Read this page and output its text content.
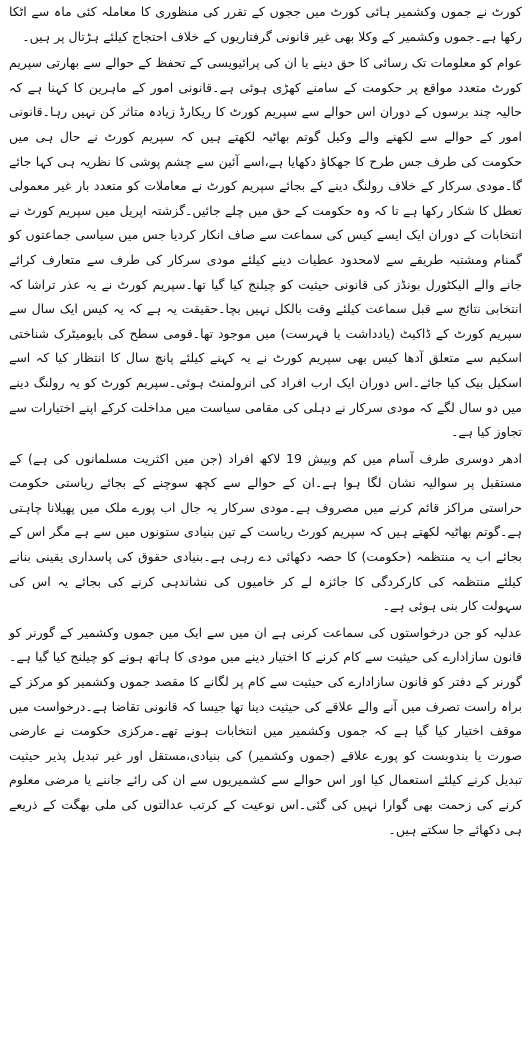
کورٹ نے جموں وکشمیر ہائی کورٹ میں ججوں کے تقرر کی منظوری کا معاملہ کئی ماہ سے اٹکا رکھا ہے۔جموں وکشمیر کے وکلا بھی غیر قانونی گرفتاریوں کے خلاف احتجاج کیلئے ہڑتال پر ہیں۔

عوام کو معلومات تک رسائی کا حق دینے یا ان کی پرائیویسی کے تحفظ کے حوالے سے بھارتی سپریم کورٹ متعدد مواقع پر حکومت کے سامنے کھڑی ہوئی ہے۔قانونی امور کے ماہرین کا کہنا ہے کہ حالیہ چند برسوں کے دوران اس حوالے سے سپریم کورٹ کا ریکارڈ زیادہ متاثر کن نہیں رہا۔قانونی امور کے حوالے سے لکھنے والے وکیل گوتم بھاٹیہ لکھتے ہیں کہ سپریم کورٹ نے حال ہی میں حکومت کی طرف جس طرح کا جھکاؤ دکھایا ہے،اسے آئین سے چشم پوشی کا نظریہ ہی کہا جائے گا۔مودی سرکار کے خلاف رولنگ دینے کے بجائے سپریم کورٹ نے معاملات کو متعدد بار غیر معمولی تعطل کا شکار رکھا ہے تا کہ وہ حکومت کے حق میں چلے جائیں۔گزشتہ اپریل میں سپریم کورٹ نے انتخابات کے دوران ایک ایسے کیس کی سماعت سے صاف انکار کردیا جس میں سیاسی جماعتوں کو گمنام ومشتبہ طریقے سے لامحدود عطیات دینے کیلئے مودی سرکار کی طرف سے متعارف کرائے جانے والے الیکٹورل بونڈز کی قانونی حیثیت کو چیلنج کیا گیا تھا۔سپریم کورٹ نے یہ عذر تراشا کہ انتخابی نتائج سے قبل سماعت کیلئے وقت بالکل نہیں بچا۔حقیقت یہ ہے کہ یہ کیس ایک سال سے سپریم کورٹ کے ڈاکیٹ (یادداشت یا فہرست) میں موجود تھا۔قومی سطح کی بایومیٹرک شناختی اسکیم سے متعلق آدھا کیس بھی سپریم کورٹ نے یہ کہنے کیلئے پانچ سال کا انتظار کیا کہ اسے اسکیل بیک کیا جائے۔اس دوران ایک ارب افراد کی انرولمنٹ ہوئی۔سپریم کورٹ کو یہ رولنگ دینے میں دو سال لگے کہ مودی سرکار نے دہلی کی مقامی سیاست میں مداخلت کرکے اپنے اختیارات سے تجاوز کیا ہے۔

ادھر دوسری طرف آسام میں کم وبیش 19 لاکھ افراد (جن میں اکثریت مسلمانوں کی ہے) کے مستقبل پر سوالیہ نشان لگا ہوا ہے۔ان کے حوالے سے کچھ سوچنے کے بجائے ریاستی حکومت حراستی مراکز قائم کرنے میں مصروف ہے۔مودی سرکار یہ جال اب پورے ملک میں پھیلانا چاہتی ہے۔گوتم بھاٹیہ لکھتے ہیں کہ سپریم کورٹ ریاست کے تین بنیادی ستونوں میں سے ہے مگر اس کے بجائے اب یہ منتظمہ (حکومت) کا حصہ دکھائی دے رہی ہے۔بنیادی حقوق کی پاسداری یقینی بنانے کیلئے منتظمہ کی کارکردگی کا جائزہ لے کر خامیوں کی نشاندہی کرنے کی بجائے یہ اس کی سہولت کار بنی ہوئی ہے۔

عدلیہ کو جن درخواستوں کی سماعت کرنی ہے ان میں سے ایک میں جموں وکشمیر کے گورنر کو قانون سازادارے کی حیثیت سے کام کرنے کا اختیار دینے میں مودی کا ہاتھ ہونے کو چیلنج کیا گیا ہے۔گورنر کے دفتر کو قانون سازادارے کی حیثیت سے کام پر لگانے کا مقصد جموں وکشمیر کو مرکز کے براہ راست تصرف میں آنے والے علاقے کی حیثیت دینا تھا جیسا کہ قانونی تقاضا ہے۔درخواست میں موقف اختیار کیا گیا ہے کہ جموں وکشمیر میں انتخابات ہونے تھے۔مرکزی حکومت نے عارضی صورت یا بندوبست کو پورے علاقے (جموں وکشمیر) کی بنیادی،مستقل اور غیر تبدیل پذیر حیثیت تبدیل کرنے کیلئے استعمال کیا اور اس حوالے سے کشمیریوں سے ان کی رائے جاننے یا مرضی معلوم کرنے کی زحمت بھی گوارا نہیں کی گئی۔اس نوعیت کے کرتب عدالتوں کی ملی بھگت کے ذریعے ہی دکھائے جا سکتے ہیں۔
